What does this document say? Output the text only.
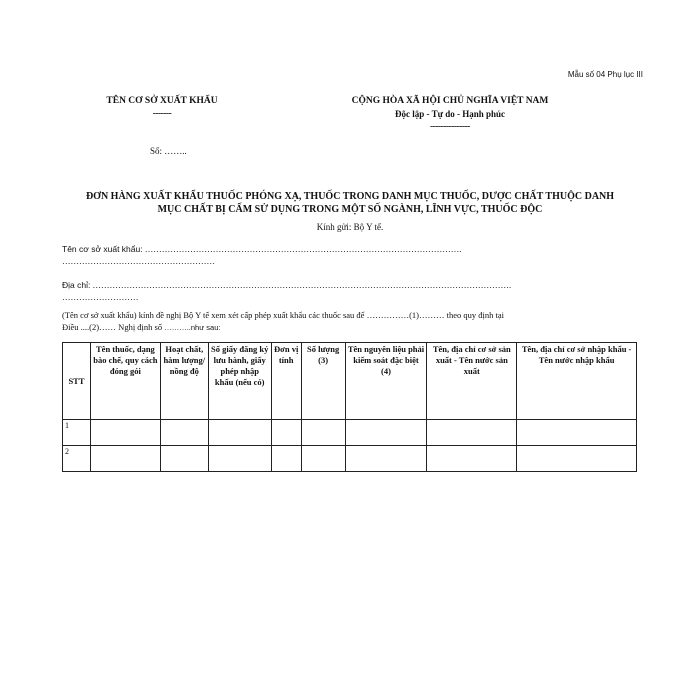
Mẫu số 04 Phụ lục III
TÊN CƠ SỞ XUẤT KHẨU
-------
CỘNG HÒA XÃ HỘI CHỦ NGHĨA VIỆT NAM
Độc lập - Tự do - Hạnh phúc
---------------
Số: ……..
ĐƠN HÀNG XUẤT KHẨU THUỐC PHÓNG XẠ, THUỐC TRONG DANH MỤC THUỐC, DƯỢC CHẤT THUỘC DANH
MỤC CHẤT BỊ CẤM SỬ DỤNG TRONG MỘT SỐ NGÀNH, LĨNH VỰC, THUỐC ĐỘC
Kính gửi: Bộ Y tế.
Tên cơ sở xuất khẩu: ………………………………………………………………………………………………….
………………………………………………
Địa chỉ: ………………………………………………………………………………………………………………………………….
………………………
(Tên cơ sở xuất khẩu) kính đề nghị Bộ Y tế xem xét cấp phép xuất khẩu các thuốc sau để ……………(1)……… theo quy định tại
Điều ....(2)…… Nghị định số ………..như sau:
STT	Tên thuốc, dạng bào chế, quy cách đóng gói	Hoạt chất, hàm lượng/ nồng độ	Số giấy đăng ký lưu hành, giấy phép nhập khẩu (nếu có)	Đơn vị tính	Số lượng (3)	Tên nguyên liệu phải kiểm soát đặc biệt (4)	Tên, địa chỉ cơ sở sản xuất - Tên nước sản xuất	Tên, địa chỉ cơ sở nhập khẩu - Tên nước nhập khẩu
1								
2								
